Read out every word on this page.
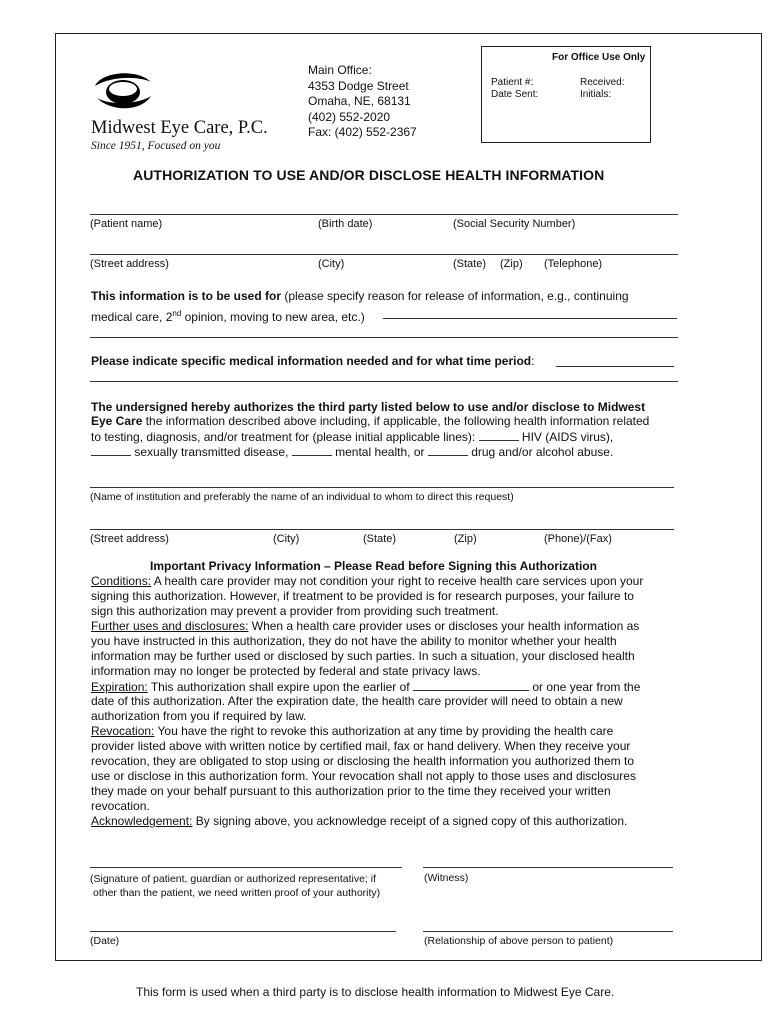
Midwest Eye Care, P.C.
Since 1951, Focused on you
Main Office:
4353 Dodge Street
Omaha, NE, 68131
(402) 552-2020
Fax: (402) 552-2367
For Office Use Only
Patient #:	Received:
Date Sent:	Initials:
AUTHORIZATION TO USE AND/OR DISCLOSE HEALTH INFORMATION
(Patient name)	(Birth date)	(Social Security Number)
(Street address)	(City)	(State) (Zip) (Telephone)
This information is to be used for (please specify reason for release of information, e.g., continuing
medical care, 2nd opinion, moving to new area, etc.)
Please indicate specific medical information needed and for what time period:
The undersigned hereby authorizes the third party listed below to use and/or disclose to Midwest
Eye Care the information described above including, if applicable, the following health information related
to testing, diagnosis, and/or treatment for (please initial applicable lines):	HIV (AIDS virus),
sexually transmitted disease,	mental health, or	drug and/or alcohol abuse.
(Name of institution and preferably the name of an individual to whom to direct this request)
(Street address)	(City)	(State)	(Zip)	(Phone)/(Fax)
Important Privacy Information – Please Read before Signing this Authorization
Conditions: A health care provider may not condition your right to receive health care services upon your
signing this authorization. However, if treatment to be provided is for research purposes, your failure to
sign this authorization may prevent a provider from providing such treatment.
Further uses and disclosures: When a health care provider uses or discloses your health information as
you have instructed in this authorization, they do not have the ability to monitor whether your health
information may be further used or disclosed by such parties. In such a situation, your disclosed health
information may no longer be protected by federal and state privacy laws.
Expiration: This authorization shall expire upon the earlier of	or one year from the
date of this authorization. After the expiration date, the health care provider will need to obtain a new
authorization from you if required by law.
Revocation: You have the right to revoke this authorization at any time by providing the health care
provider listed above with written notice by certified mail, fax or hand delivery. When they receive your
revocation, they are obligated to stop using or disclosing the health information you authorized them to
use or disclose in this authorization form. Your revocation shall not apply to those uses and disclosures
they made on your behalf pursuant to this authorization prior to the time they received your written
revocation.
Acknowledgement: By signing above, you acknowledge receipt of a signed copy of this authorization.
(Signature of patient, guardian or authorized representative; if
other than the patient, we need written proof of your authority)
(Witness)
(Date)	(Relationship of above person to patient)
This form is used when a third party is to disclose health information to Midwest Eye Care.
